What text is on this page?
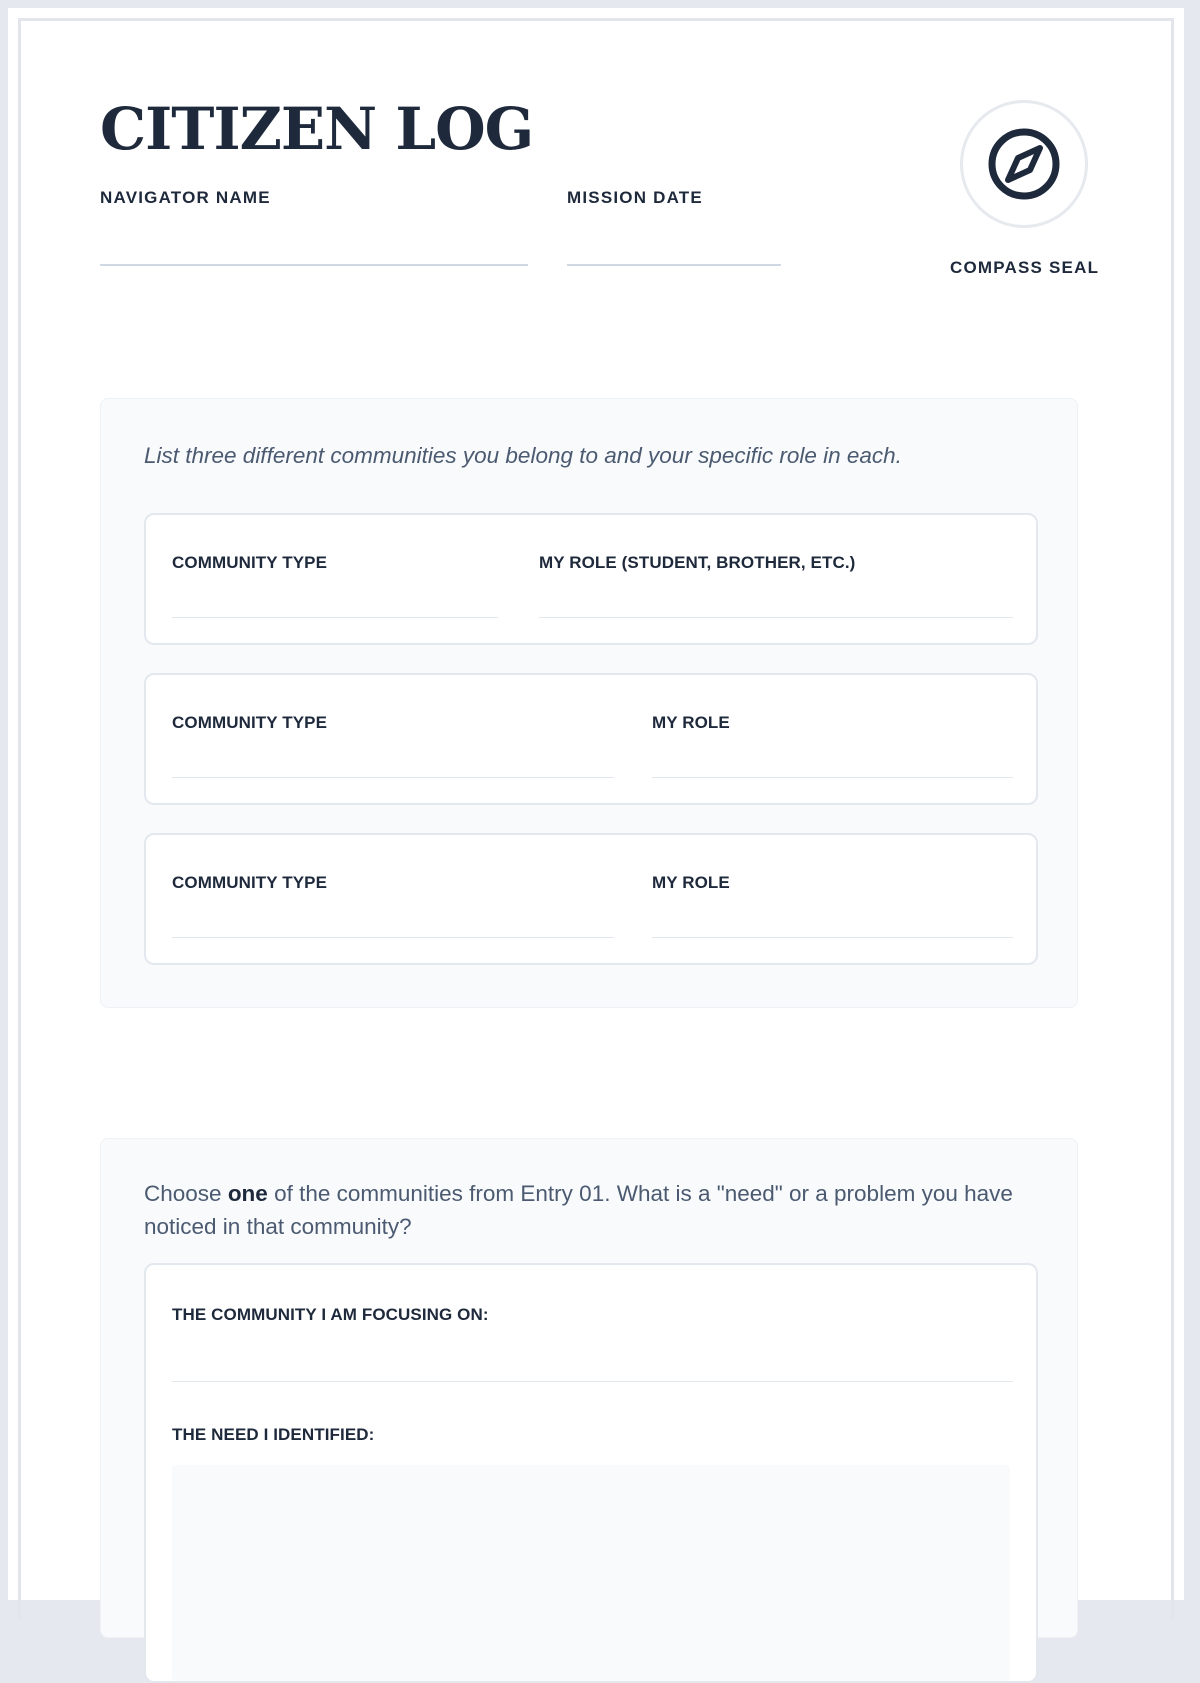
CITIZEN LOG
NAVIGATOR NAME	MISSION DATE
COMPASS SEAL

List three different communities you belong to and your specific role in each.

COMMUNITY TYPE	MY ROLE (STUDENT, BROTHER, ETC.)
COMMUNITY TYPE	MY ROLE
COMMUNITY TYPE	MY ROLE

Choose one of the communities from Entry 01. What is a "need" or a problem you have noticed in that community?

THE COMMUNITY I AM FOCUSING ON:
THE NEED I IDENTIFIED:
